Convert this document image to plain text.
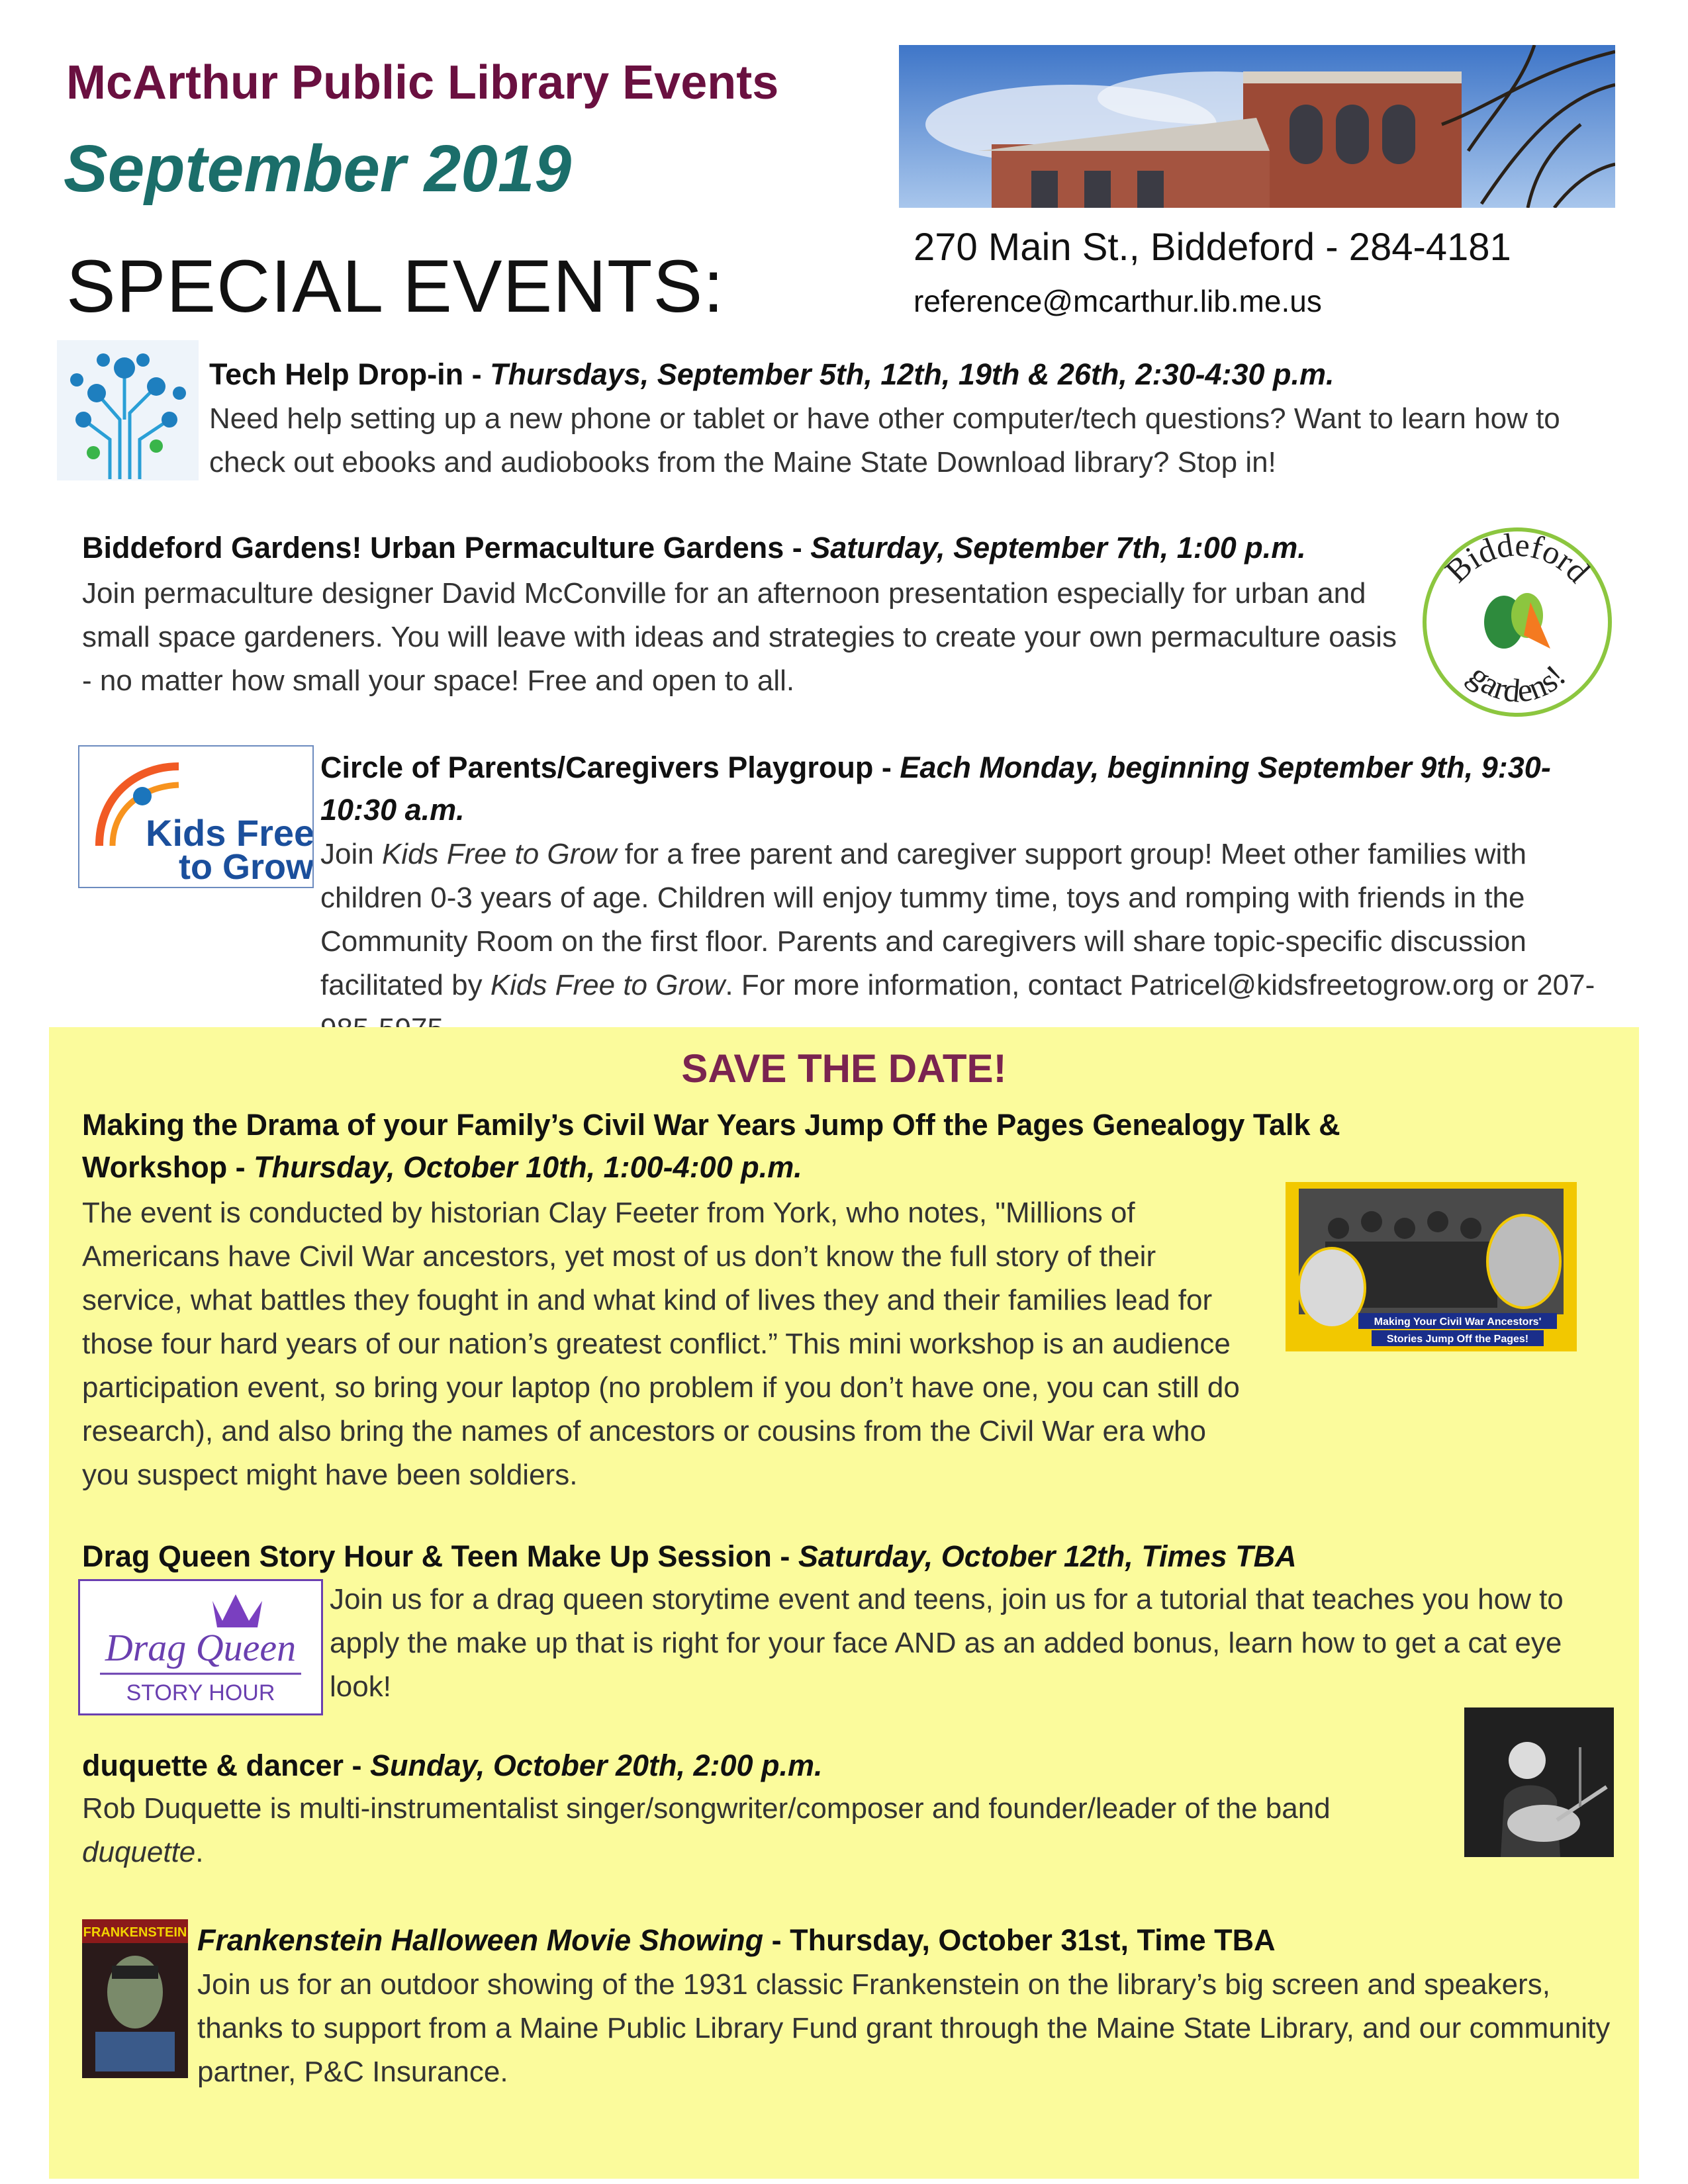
McArthur Public Library Events
September 2019
SPECIAL EVENTS:	270 Main St., Biddeford - 284-4181
reference@mcarthur.lib.me.us
Tech Help Drop-in - Thursdays, September 5th, 12th, 19th & 26th, 2:30-4:30 p.m.
Need help setting up a new phone or tablet or have other computer/tech questions? Want to learn how to check out ebooks and audiobooks from the Maine State Download library? Stop in!
Biddeford Gardens! Urban Permaculture Gardens - Saturday, September 7th, 1:00 p.m.
Join permaculture designer David McConville for an afternoon presentation especially for urban and small space gardeners. You will leave with ideas and strategies to create your own permaculture oasis - no matter how small your space! Free and open to all.
Biddeford
gardens!
Kids Free
to Grow
Circle of Parents/Caregivers Playgroup - Each Monday, beginning September 9th, 9:30-10:30 a.m.
Join Kids Free to Grow for a free parent and caregiver support group! Meet other families with children 0-3 years of age. Children will enjoy tummy time, toys and romping with friends in the Community Room on the first floor. Parents and caregivers will share topic-specific discussion facilitated by Kids Free to Grow. For more information, contact Patricel@kidsfreetogrow.org or 207-
SAVE THE DATE!
Making the Drama of your Family’s Civil War Years Jump Off the Pages Genealogy Talk & Workshop - Thursday, October 10th, 1:00-4:00 p.m.
Making Your Civil War Ancestors'
Stories Jump Off the Pages!
The event is conducted by historian Clay Feeter from York, who notes, "Millions of Americans have Civil War ancestors, yet most of us don’t know the full story of their service, what battles they fought in and what kind of lives they and their families lead for those four hard years of our nation’s greatest conflict.” This mini workshop is an audience participation event, so bring your laptop (no problem if you don’t have one, you can still do research), and also bring the names of ancestors or cousins from the Civil War era who you suspect might have been soldiers.
Drag Queen Story Hour & Teen Make Up Session - Saturday, October 12th, Times TBA
Drag Queen
STORY HOUR
Join us for a drag queen storytime event and teens, join us for a tutorial that teaches you how to apply the make up that is right for your face AND as an added bonus, learn how to get a cat eye look!
duquette & dancer - Sunday, October 20th, 2:00 p.m.
Rob Duquette is multi-instrumentalist singer/songwriter/composer and founder/leader of the band duquette.
FRANKENSTEIN Frankenstein Halloween Movie Showing - Thursday, October 31st, Time TBA
Join us for an outdoor showing of the 1931 classic Frankenstein on the library’s big screen and speakers, thanks to support from a Maine Public Library Fund grant through the Maine State Library, and our community partner, P&C Insurance.
